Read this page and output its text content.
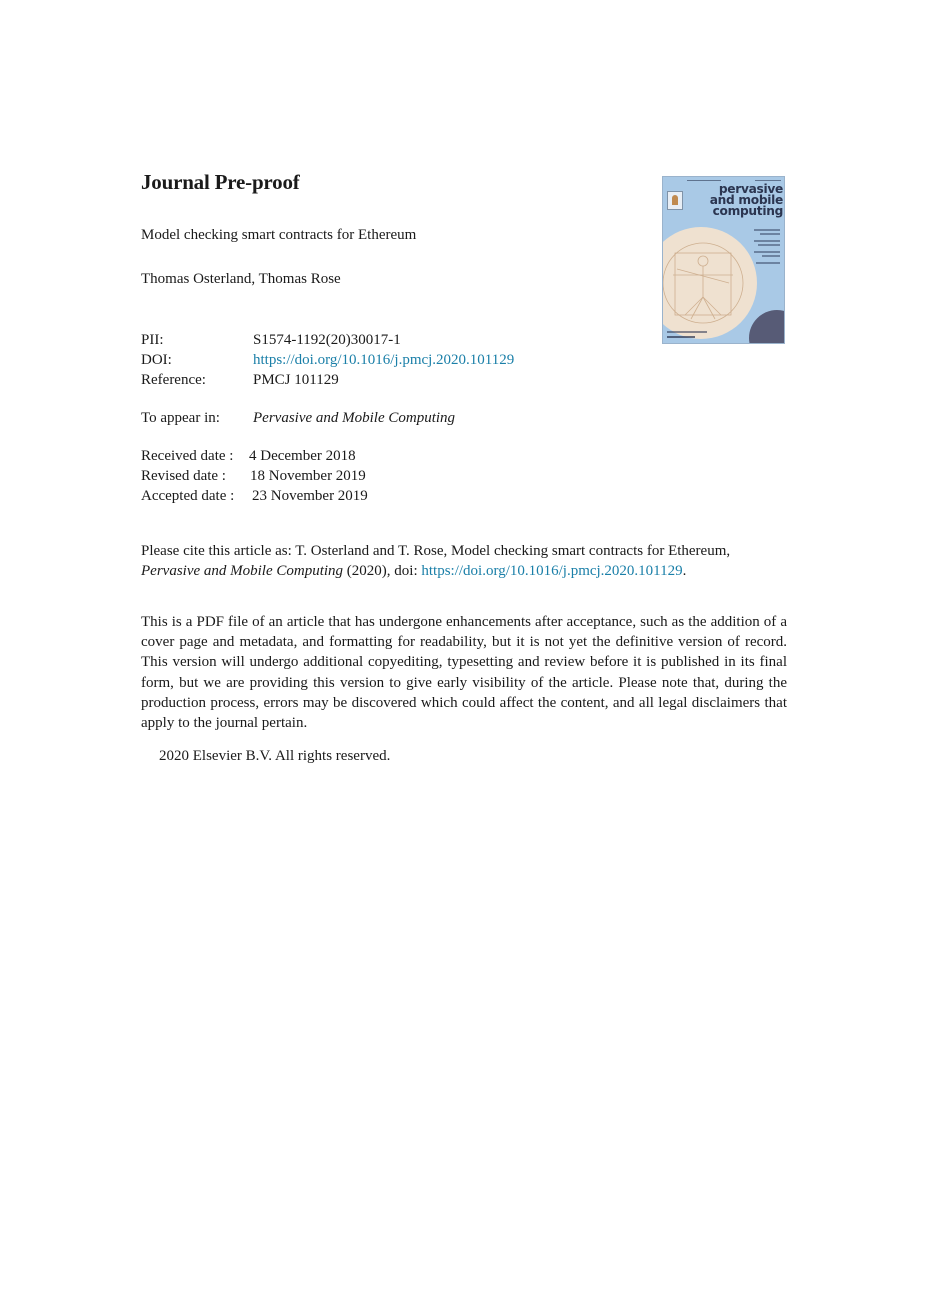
Journal Pre-proof
Model checking smart contracts for Ethereum
Thomas Osterland, Thomas Rose
PII:	S1574-1192(20)30017-1
DOI:	https://doi.org/10.1016/j.pmcj.2020.101129
Reference:	PMCJ 101129
To appear in: Pervasive and Mobile Computing
Received date : 4 December 2018
Revised date : 18 November 2019
Accepted date : 23 November 2019
Please cite this article as: T. Osterland and T. Rose, Model checking smart contracts for Ethereum,
Pervasive and Mobile Computing (2020), doi: https://doi.org/10.1016/j.pmcj.2020.101129.
This is a PDF file of an article that has undergone enhancements after acceptance, such as the addition of a cover page and metadata, and formatting for readability, but it is not yet the definitive version of record. This version will undergo additional copyediting, typesetting and review before it is published in its final form, but we are providing this version to give early visibility of the article. Please note that, during the production process, errors may be discovered which could affect the content, and all legal disclaimers that apply to the journal pertain.
2020 Elsevier B.V. All rights reserved.
pervasive
and mobile
computing
